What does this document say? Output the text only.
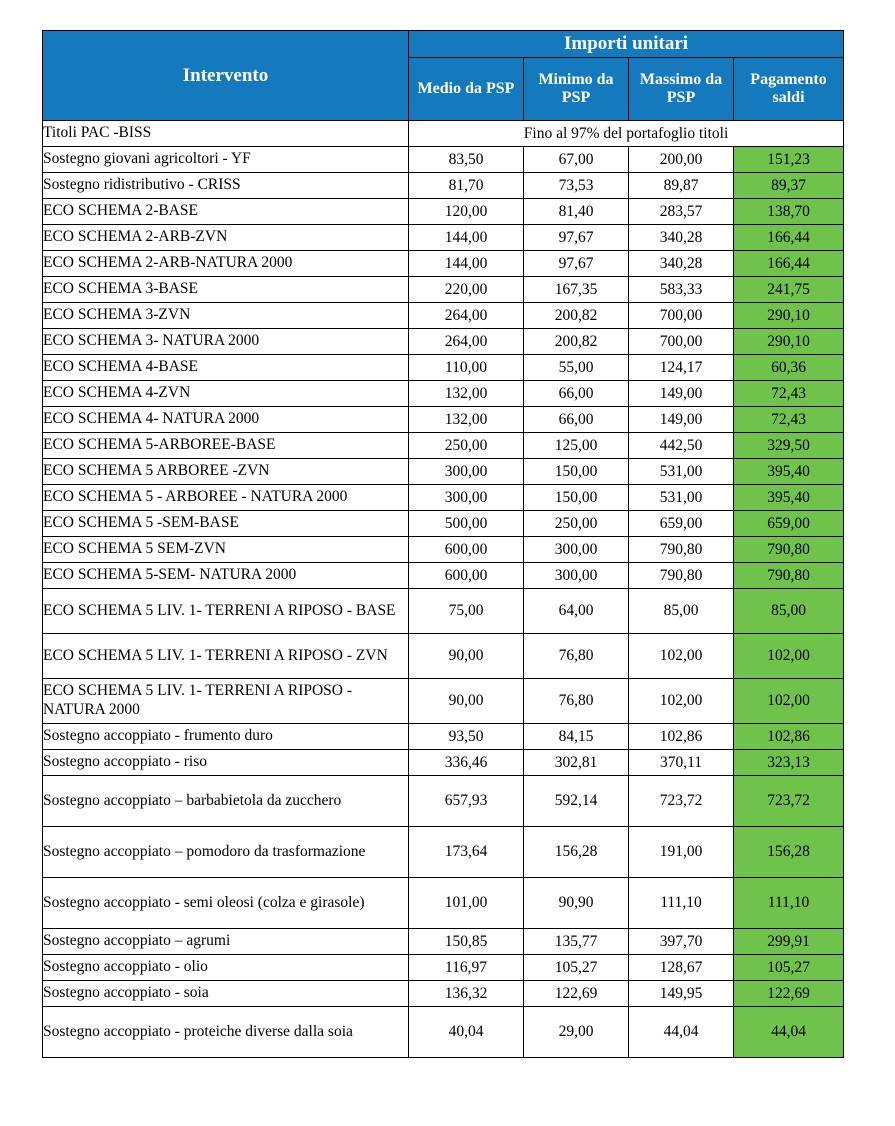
Intervento	Importi unitari			
	Medio da PSP	Minimo da PSP	Massimo da PSP	Pagamento saldi
Titoli PAC -BISS	Fino al 97% del portafoglio titoli			
Sostegno giovani agricoltori - YF	83,50	67,00	200,00	151,23
Sostegno ridistributivo - CRISS	81,70	73,53	89,87	89,37
ECO SCHEMA 2-BASE	120,00	81,40	283,57	138,70
ECO SCHEMA 2-ARB-ZVN	144,00	97,67	340,28	166,44
ECO SCHEMA 2-ARB-NATURA 2000	144,00	97,67	340,28	166,44
ECO SCHEMA 3-BASE	220,00	167,35	583,33	241,75
ECO SCHEMA 3-ZVN	264,00	200,82	700,00	290,10
ECO SCHEMA 3- NATURA 2000	264,00	200,82	700,00	290,10
ECO SCHEMA 4-BASE	110,00	55,00	124,17	60,36
ECO SCHEMA 4-ZVN	132,00	66,00	149,00	72,43
ECO SCHEMA 4- NATURA 2000	132,00	66,00	149,00	72,43
ECO SCHEMA 5-ARBOREE-BASE	250,00	125,00	442,50	329,50
ECO SCHEMA 5 ARBOREE -ZVN	300,00	150,00	531,00	395,40
ECO SCHEMA 5 - ARBOREE - NATURA 2000	300,00	150,00	531,00	395,40
ECO SCHEMA 5 -SEM-BASE	500,00	250,00	659,00	659,00
ECO SCHEMA 5 SEM-ZVN	600,00	300,00	790,80	790,80
ECO SCHEMA 5-SEM- NATURA 2000	600,00	300,00	790,80	790,80
ECO SCHEMA 5 LIV. 1- TERRENI A RIPOSO - BASE	75,00	64,00	85,00	85,00
ECO SCHEMA 5 LIV. 1- TERRENI A RIPOSO - ZVN	90,00	76,80	102,00	102,00
ECO SCHEMA 5 LIV. 1- TERRENI A RIPOSO - NATURA 2000	90,00	76,80	102,00	102,00
Sostegno accoppiato - frumento duro	93,50	84,15	102,86	102,86
Sostegno accoppiato - riso	336,46	302,81	370,11	323,13
Sostegno accoppiato – barbabietola da zucchero	657,93	592,14	723,72	723,72
Sostegno accoppiato – pomodoro da trasformazione	173,64	156,28	191,00	156,28
Sostegno accoppiato - semi oleosi (colza e girasole)	101,00	90,90	111,10	111,10
Sostegno accoppiato – agrumi	150,85	135,77	397,70	299,91
Sostegno accoppiato - olio	116,97	105,27	128,67	105,27
Sostegno accoppiato - soia	136,32	122,69	149,95	122,69
Sostegno accoppiato - proteiche diverse dalla soia	40,04	29,00	44,04	44,04
